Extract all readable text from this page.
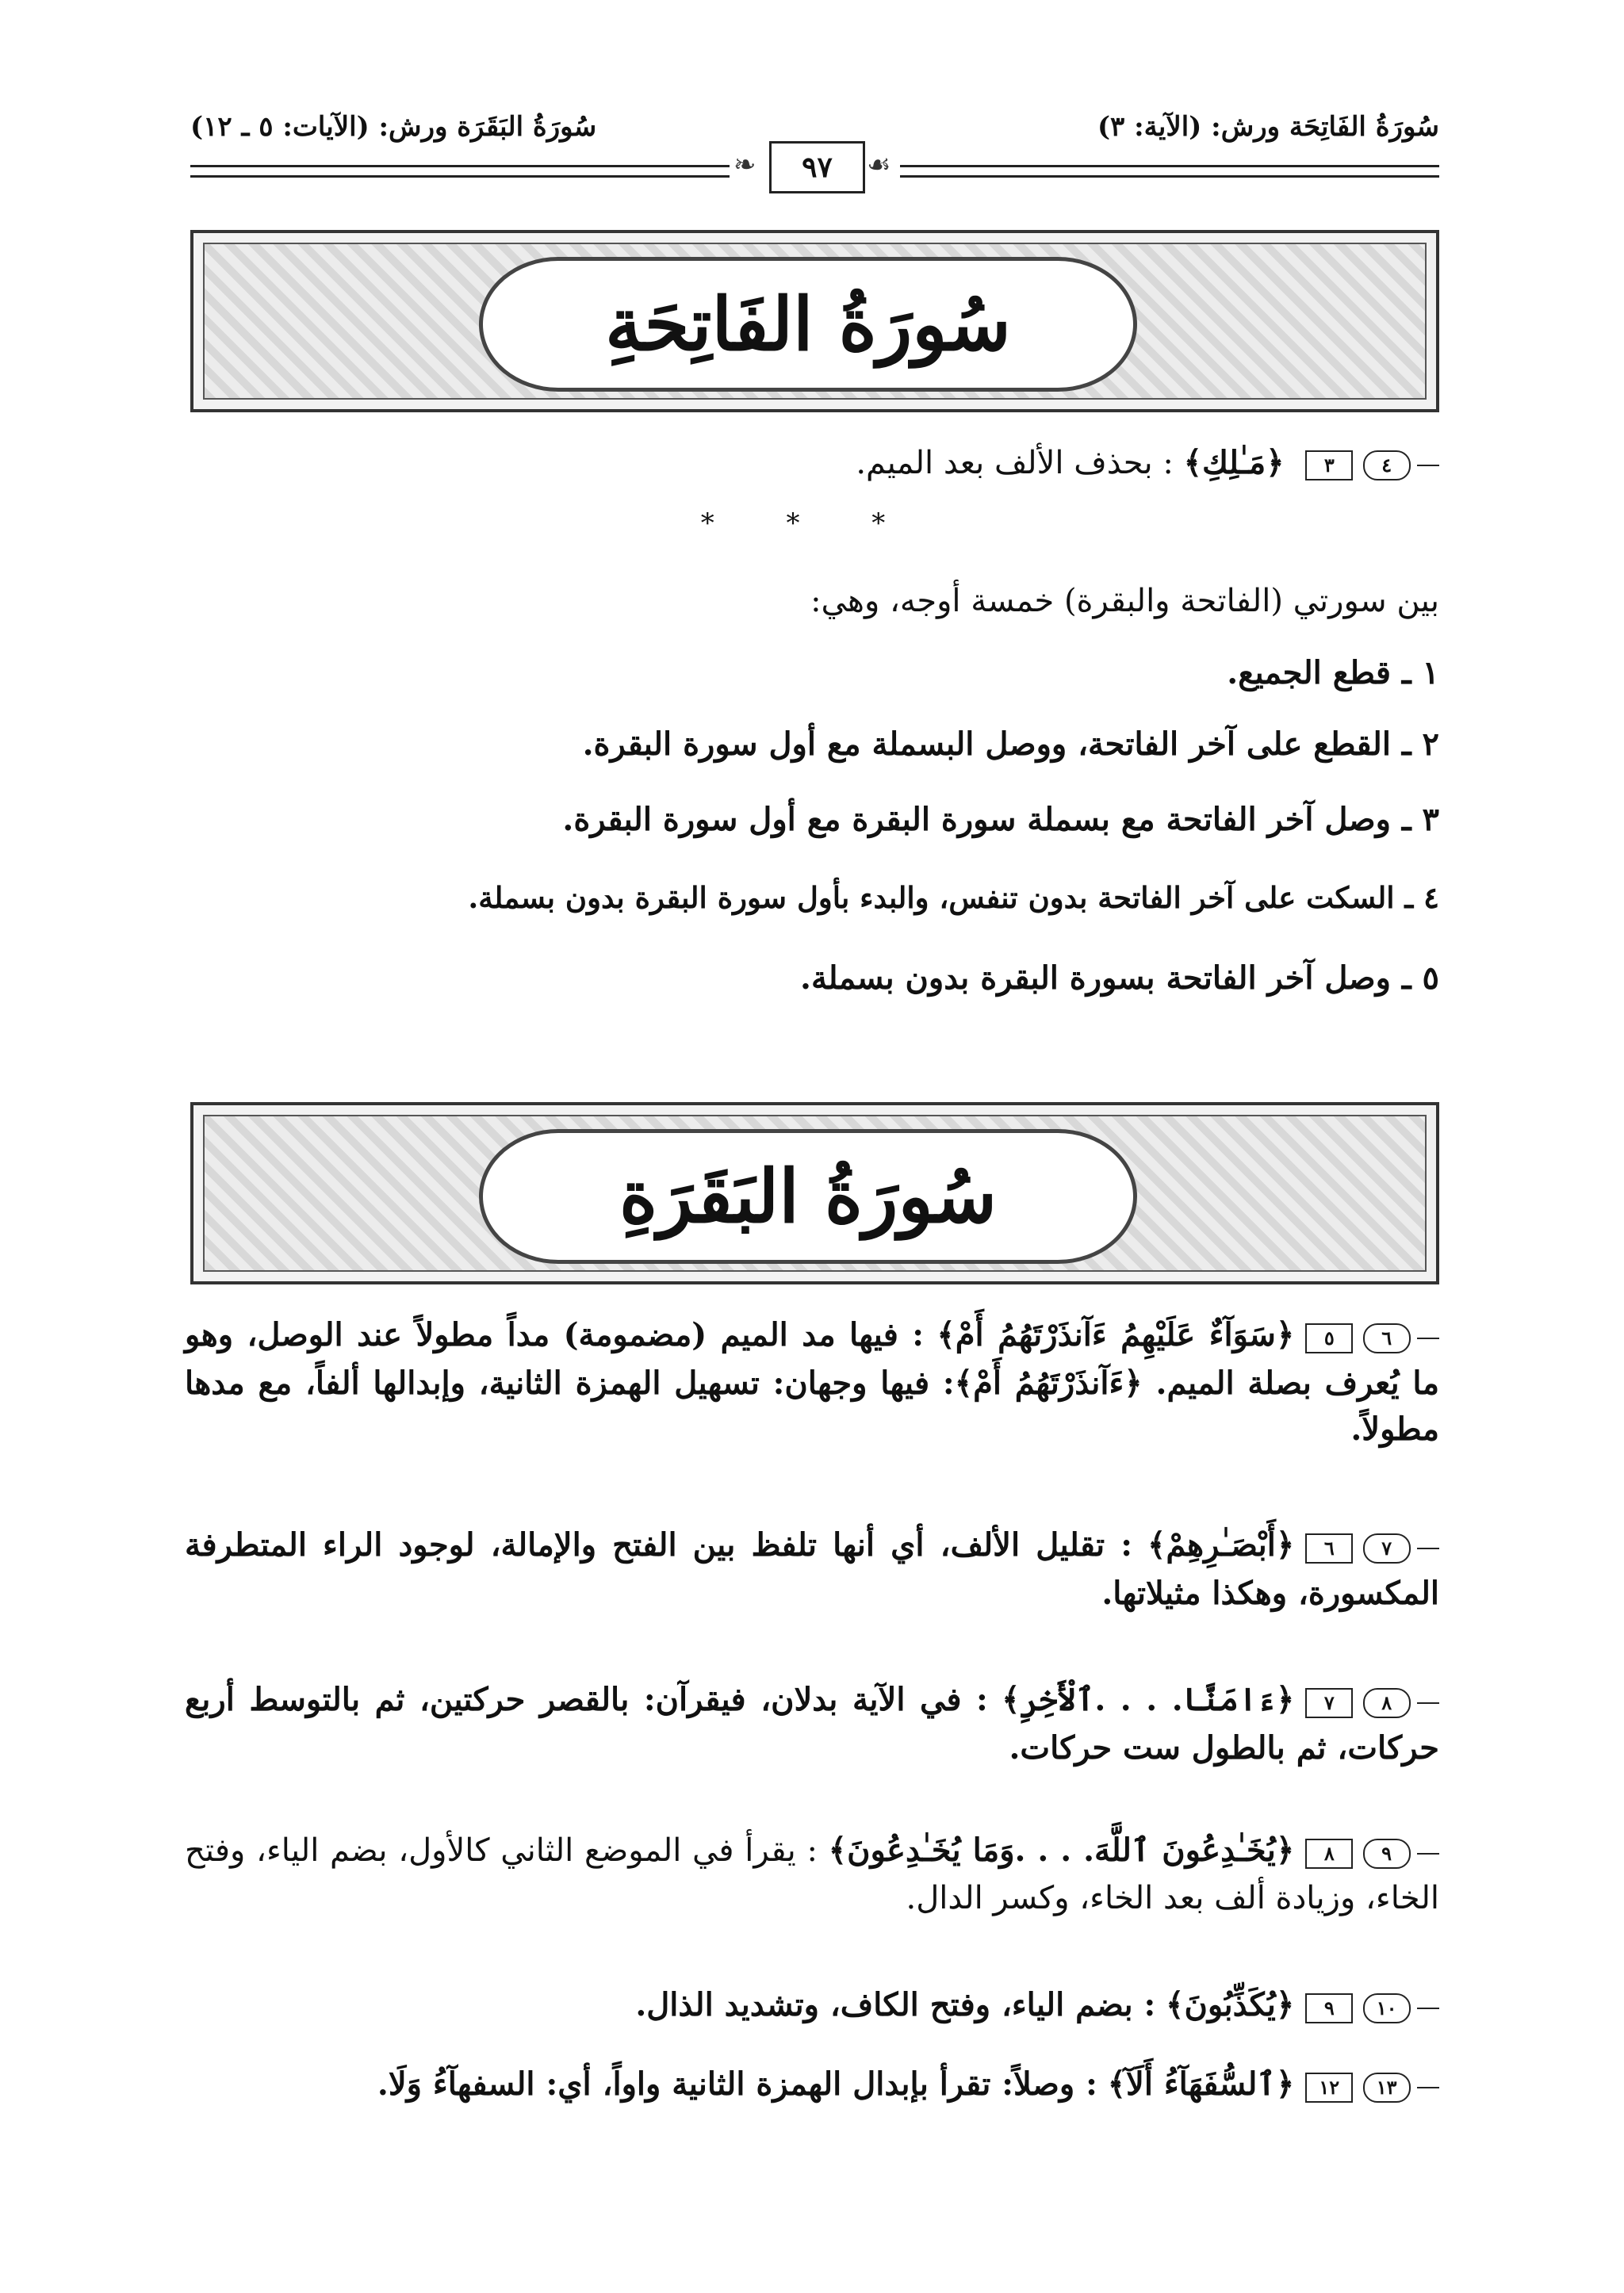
سُورَةُ الفَاتِحَة ورش: (الآية: ٣)
سُورَةُ البَقَرَة ورش: (الآيات: ٥ ـ ١٢)
❧	☙
٩٧
سُورَةُ الفَاتِحَةِ
٤ ٣ ﴿مَـٰلِكِ﴾ : بحذف الألف بعد الميم.
* * *
بين سورتي (الفاتحة والبقرة) خمسة أوجه، وهي:
١ ـ قطع الجميع.
٢ ـ القطع على آخر الفاتحة، ووصل البسملة مع أول سورة البقرة.
٣ ـ وصل آخر الفاتحة مع بسملة سورة البقرة مع أول سورة البقرة.
٤ ـ السكت على آخر الفاتحة بدون تنفس، والبدء بأول سورة البقرة بدون بسملة.
٥ ـ وصل آخر الفاتحة بسورة البقرة بدون بسملة.
سُورَةُ البَقَرَةِ
٦ ٥﴿سَوَآءٌ عَلَيْهِمُ ءَآنذَرْتَهُمُ أَمْ﴾ : فيها مد الميم (مضمومة) مداً مطولاً عند الوصل، وهو ما يُعرف بصلة الميم. ﴿ءَآنذَرْتَهُمُ أَمْ﴾: فيها وجهان: تسهيل الهمزة الثانية، وإبدالها ألفاً، مع مدها مطولاً.
٧ ٦﴿أَبْصَـٰرِهِمْ﴾ : تقليل الألف، أي أنها تلفظ بين الفتح والإمالة، لوجود الراء المتطرفة المكسورة، وهكذا مثيلاتها.
٨ ٧﴿ءَامَنَّا. . . .ٱلْأَخِرِ﴾ : في الآية بدلان، فيقرآن: بالقصر حركتين، ثم بالتوسط أربع حركات، ثم بالطول ست حركات.
٩ ٨﴿يُخَـٰدِعُونَ ٱللَّهَ. . . .وَمَا يُخَـٰدِعُونَ﴾ : يقرأ في الموضع الثاني كالأول، بضم الياء، وفتح الخاء، وزيادة ألف بعد الخاء، وكسر الدال.
١٠ ٩﴿يُكَذِّبُونَ﴾ : بضم الياء، وفتح الكاف، وتشديد الذال.
١٣ ١٢﴿ٱلسُّفَهَآءُ أَلَآ﴾ : وصلاً: تقرأ بإبدال الهمزة الثانية واواً، أي: السفهآءُ وَلَا.
